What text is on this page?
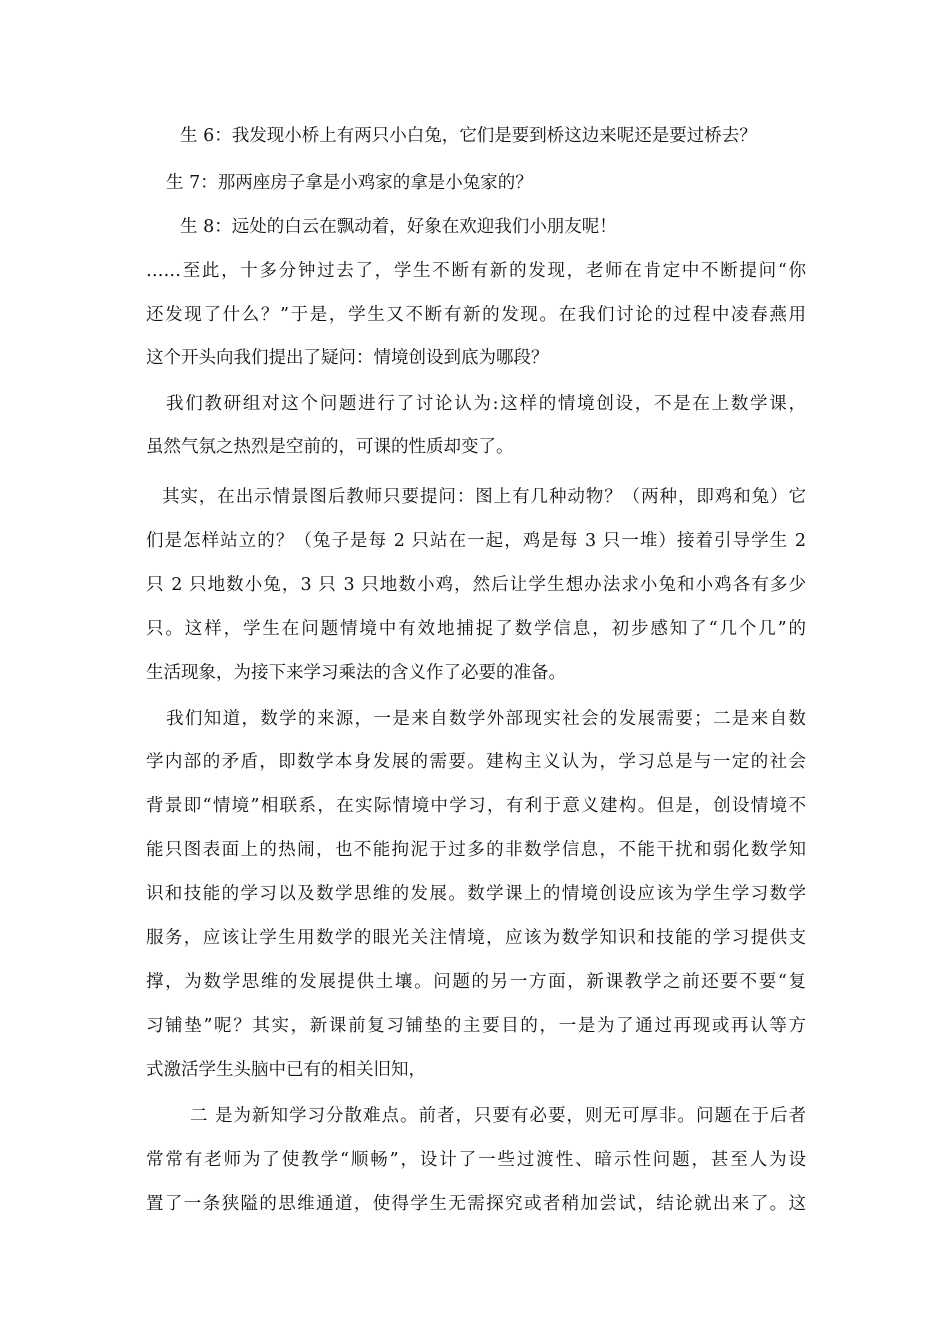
生 6：我发现小桥上有两只小白兔，它们是要到桥这边来呢还是要过桥去？
生 7：那两座房子拿是小鸡家的拿是小兔家的？
生 8：远处的白云在飘动着，好象在欢迎我们小朋友呢！
……至此，十多分钟过去了，学生不断有新的发现，老师在肯定中不断提问“你
还发现了什么？”于是，学生又不断有新的发现。在我们讨论的过程中凌春燕用
这个开头向我们提出了疑问：情境创设到底为哪段？
我们教研组对这个问题进行了讨论认为:这样的情境创设，不是在上数学课，
虽然气氛之热烈是空前的，可课的性质却变了。
其实，在出示情景图后教师只要提问：图上有几种动物？（两种，即鸡和兔）它
们是怎样站立的？（兔子是每 2 只站在一起，鸡是每 3 只一堆）接着引导学生 2
只 2 只地数小兔，3 只 3 只地数小鸡，然后让学生想办法求小兔和小鸡各有多少
只。这样，学生在问题情境中有效地捕捉了数学信息，初步感知了“几个几”的
生活现象，为接下来学习乘法的含义作了必要的准备。
我们知道，数学的来源，一是来自数学外部现实社会的发展需要；二是来自数
学内部的矛盾，即数学本身发展的需要。建构主义认为，学习总是与一定的社会
背景即“情境”相联系，在实际情境中学习，有利于意义建构。但是，创设情境不
能只图表面上的热闹，也不能拘泥于过多的非数学信息，不能干扰和弱化数学知
识和技能的学习以及数学思维的发展。数学课上的情境创设应该为学生学习数学
服务，应该让学生用数学的眼光关注情境，应该为数学知识和技能的学习提供支
撑，为数学思维的发展提供土壤。问题的另一方面，新课教学之前还要不要“复
习铺垫”呢？其实，新课前复习铺垫的主要目的，一是为了通过再现或再认等方
式激活学生头脑中已有的相关旧知，
二 是为新知学习分散难点。前者，只要有必要，则无可厚非。问题在于后者
常常有老师为了使教学“顺畅”，设计了一些过渡性、暗示性问题，甚至人为设
置了一条狭隘的思维通道，使得学生无需探究或者稍加尝试，结论就出来了。这
